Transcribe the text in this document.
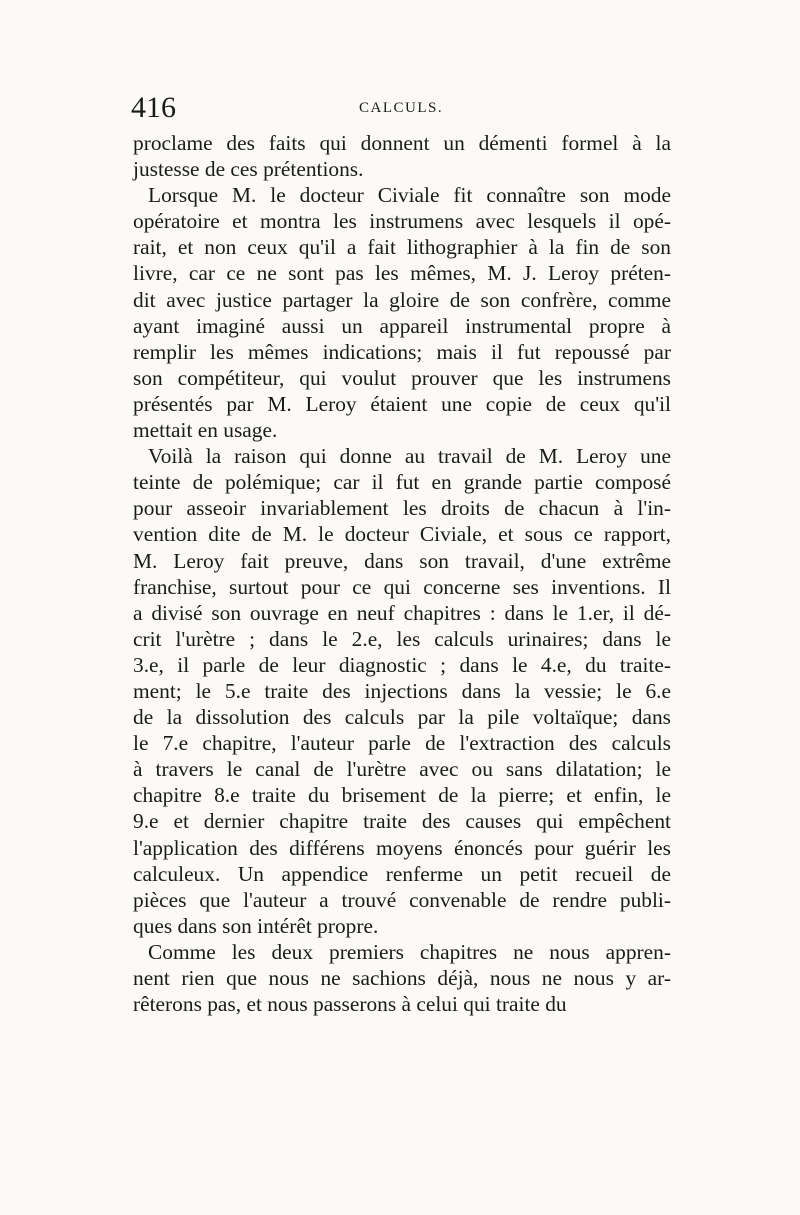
416	CALCULS.
proclame des faits qui donnent un démenti formel à la
justesse de ces prétentions.
Lorsque M. le docteur Civiale fit connaître son mode
opératoire et montra les instrumens avec lesquels il opé-
rait, et non ceux qu'il a fait lithographier à la fin de son
livre, car ce ne sont pas les mêmes, M. J. Leroy préten-
dit avec justice partager la gloire de son confrère, comme
ayant imaginé aussi un appareil instrumental propre à
remplir les mêmes indications; mais il fut repoussé par
son compétiteur, qui voulut prouver que les instrumens
présentés par M. Leroy étaient une copie de ceux qu'il
mettait en usage.
Voilà la raison qui donne au travail de M. Leroy une
teinte de polémique; car il fut en grande partie composé
pour asseoir invariablement les droits de chacun à l'in-
vention dite de M. le docteur Civiale, et sous ce rapport,
M. Leroy fait preuve, dans son travail, d'une extrême
franchise, surtout pour ce qui concerne ses inventions. Il
a divisé son ouvrage en neuf chapitres : dans le 1.er, il dé-
crit l'urètre ; dans le 2.e, les calculs urinaires; dans le
3.e, il parle de leur diagnostic ; dans le 4.e, du traite-
ment; le 5.e traite des injections dans la vessie; le 6.e
de la dissolution des calculs par la pile voltaïque; dans
le 7.e chapitre, l'auteur parle de l'extraction des calculs
à travers le canal de l'urètre avec ou sans dilatation; le
chapitre 8.e traite du brisement de la pierre; et enfin, le
9.e et dernier chapitre traite des causes qui empêchent
l'application des différens moyens énoncés pour guérir les
calculeux. Un appendice renferme un petit recueil de
pièces que l'auteur a trouvé convenable de rendre publi-
ques dans son intérêt propre.
Comme les deux premiers chapitres ne nous appren-
nent rien que nous ne sachions déjà, nous ne nous y ar-
rêterons pas, et nous passerons à celui qui traite du
